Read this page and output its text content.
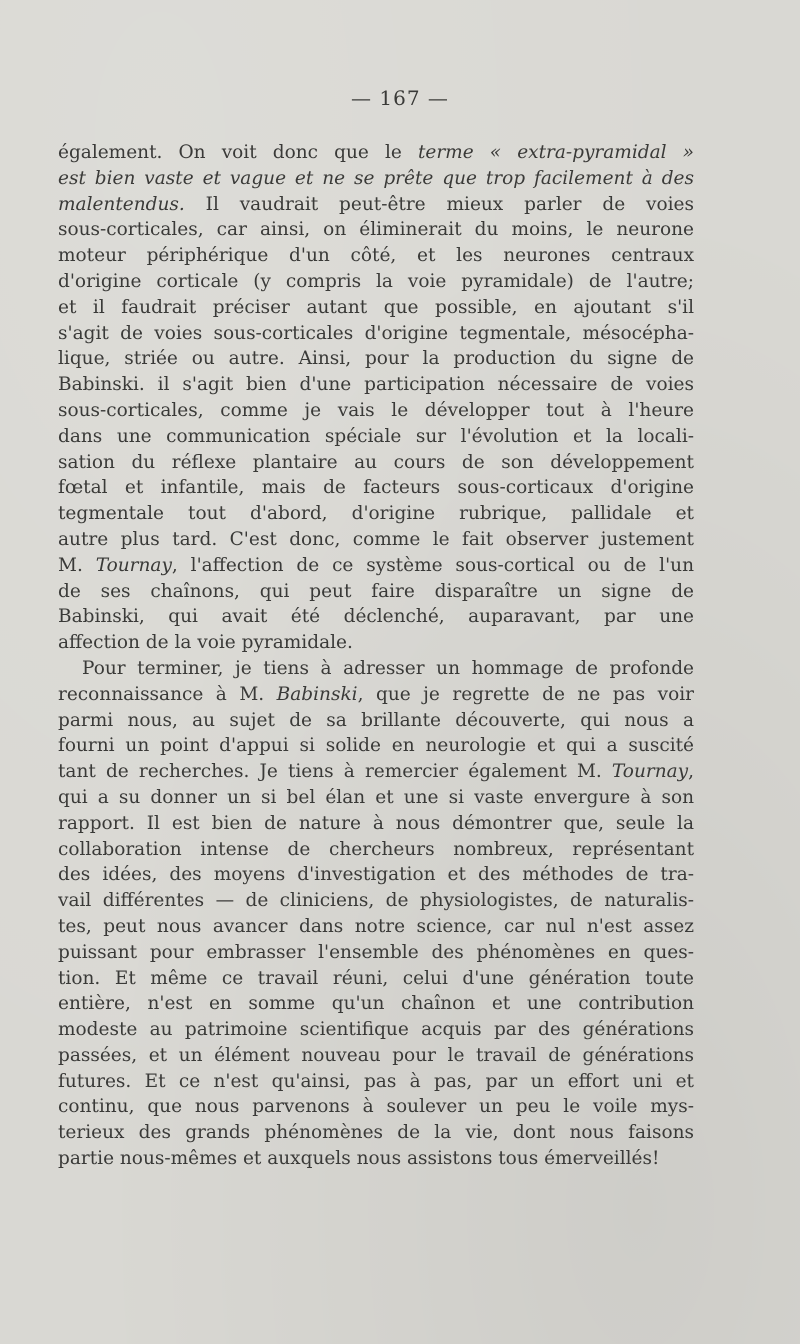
— 167 —
également. On voit donc que le terme « extra-pyramidal »
est bien vaste et vague et ne se prête que trop facilement à des
malentendus. Il vaudrait peut-être mieux parler de voies
sous-corticales, car ainsi, on éliminerait du moins, le neurone
moteur périphérique d'un côté, et les neurones centraux
d'origine corticale (y compris la voie pyramidale) de l'autre;
et il faudrait préciser autant que possible, en ajoutant s'il
s'agit de voies sous-corticales d'origine tegmentale, mésocépha-
lique, striée ou autre. Ainsi, pour la production du signe de
Babinski. il s'agit bien d'une participation nécessaire de voies
sous-corticales, comme je vais le développer tout à l'heure
dans une communication spéciale sur l'évolution et la locali-
sation du réflexe plantaire au cours de son développement
fœtal et infantile, mais de facteurs sous-corticaux d'origine
tegmentale tout d'abord, d'origine rubrique, pallidale et
autre plus tard. C'est donc, comme le fait observer justement
M. Tournay, l'affection de ce système sous-cortical ou de l'un
de ses chaînons, qui peut faire disparaître un signe de
Babinski, qui avait été déclenché, auparavant, par une
affection de la voie pyramidale.
Pour terminer, je tiens à adresser un hommage de profonde
reconnaissance à M. Babinski, que je regrette de ne pas voir
parmi nous, au sujet de sa brillante découverte, qui nous a
fourni un point d'appui si solide en neurologie et qui a suscité
tant de recherches. Je tiens à remercier également M. Tournay,
qui a su donner un si bel élan et une si vaste envergure à son
rapport. Il est bien de nature à nous démontrer que, seule la
collaboration intense de chercheurs nombreux, représentant
des idées, des moyens d'investigation et des méthodes de tra-
vail différentes — de cliniciens, de physiologistes, de naturalis-
tes, peut nous avancer dans notre science, car nul n'est assez
puissant pour embrasser l'ensemble des phénomènes en ques-
tion. Et même ce travail réuni, celui d'une génération toute
entière, n'est en somme qu'un chaînon et une contribution
modeste au patrimoine scientifique acquis par des générations
passées, et un élément nouveau pour le travail de générations
futures. Et ce n'est qu'ainsi, pas à pas, par un effort uni et
continu, que nous parvenons à soulever un peu le voile mys-
terieux des grands phénomènes de la vie, dont nous faisons
partie nous-mêmes et auxquels nous assistons tous émerveillés!
